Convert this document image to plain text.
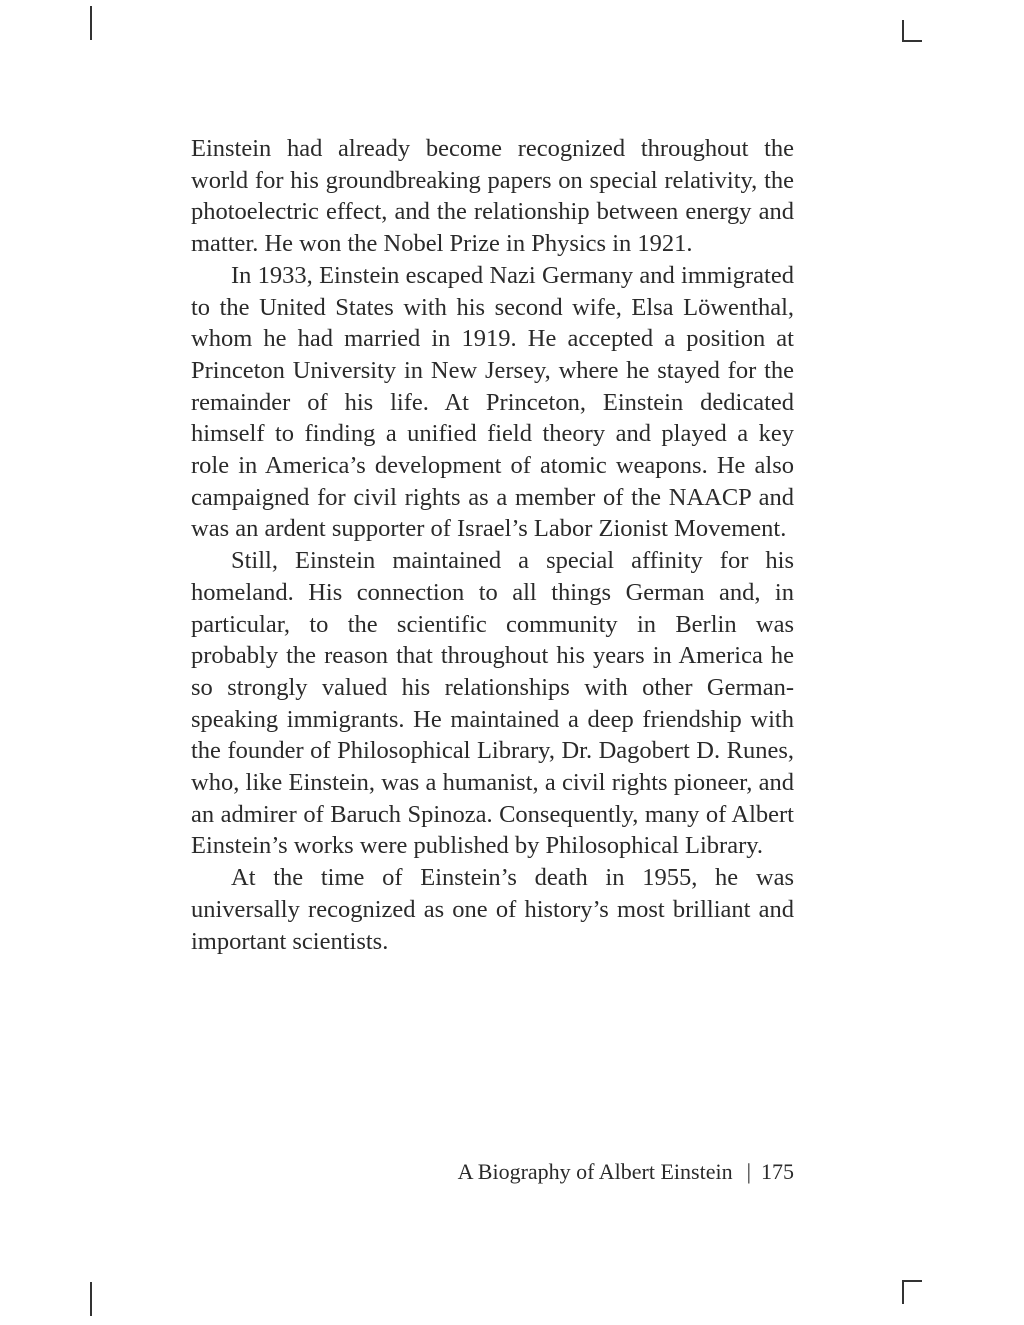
Einstein had already become recognized throughout the world for his groundbreaking papers on special relativity, the photoelectric effect, and the relationship between energy and matter. He won the Nobel Prize in Physics in 1921.

In 1933, Einstein escaped Nazi Germany and immigrated to the United States with his second wife, Elsa Löwenthal, whom he had married in 1919. He accepted a position at Princeton University in New Jersey, where he stayed for the remainder of his life. At Princeton, Einstein dedicated himself to finding a unified field theory and played a key role in America’s development of atomic weapons. He also campaigned for civil rights as a member of the NAACP and was an ardent supporter of Israel’s Labor Zionist Movement.

Still, Einstein maintained a special affinity for his homeland. His connection to all things German and, in particular, to the scientific community in Berlin was probably the reason that throughout his years in America he so strongly valued his relationships with other German-speaking immigrants. He maintained a deep friendship with the founder of Philosophical Library, Dr. Dagobert D. Runes, who, like Einstein, was a humanist, a civil rights pioneer, and an admirer of Baruch Spinoza. Consequently, many of Albert Einstein’s works were published by Philosophical Library.

At the time of Einstein’s death in 1955, he was universally recognized as one of history’s most brilliant and important scientists.

A Biography of Albert Einstein | 175
